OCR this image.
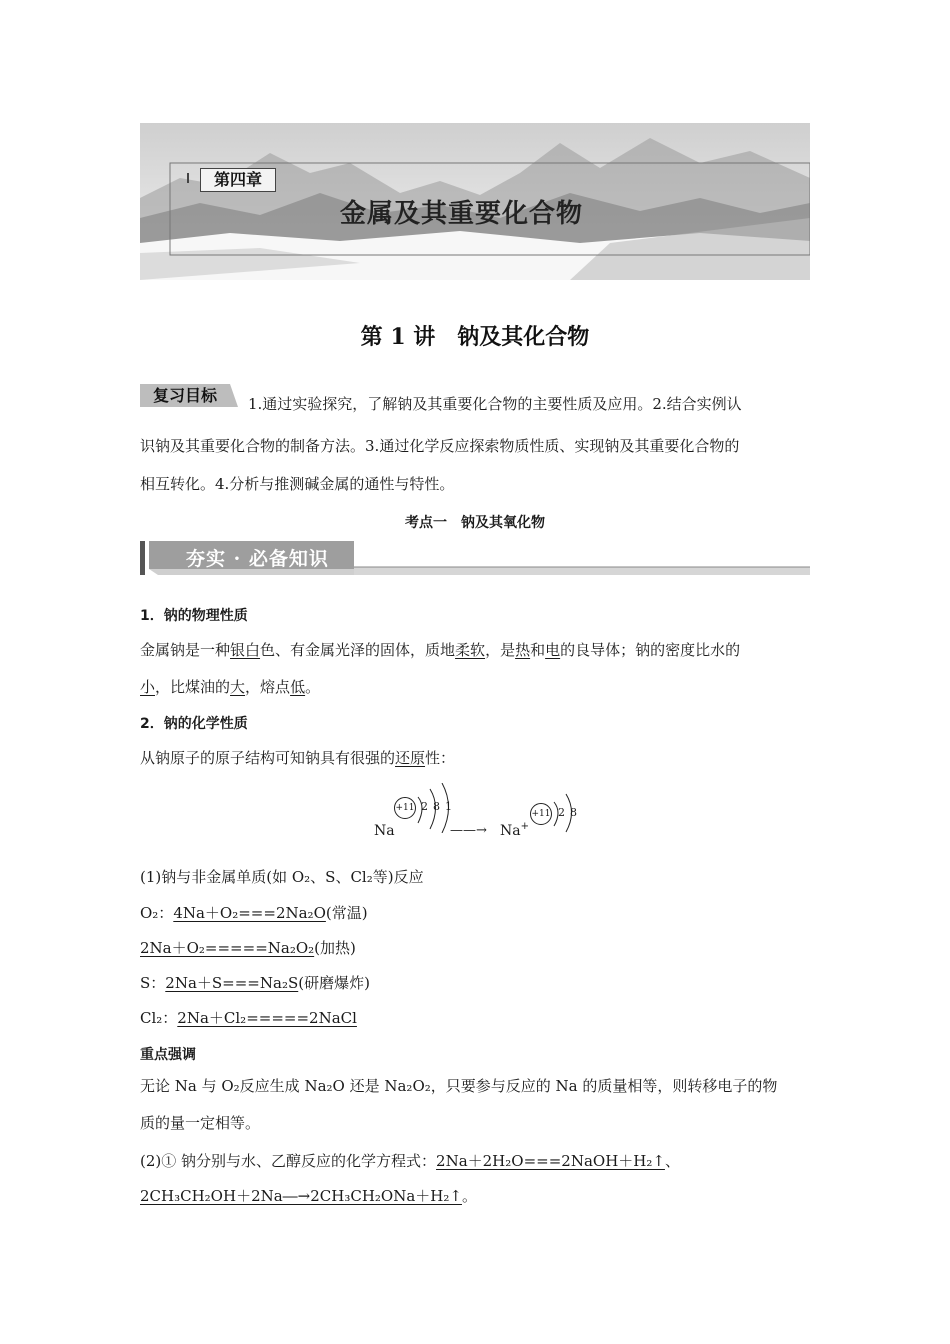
第四章
金属及其重要化合物
第 1 讲　钠及其化合物
复习目标	1.通过实验探究，了解钠及其重要化合物的主要性质及应用。2.结合实例认
识钠及其重要化合物的制备方法。3.通过化学反应探索物质性质、实现钠及其重要化合物的
相互转化。4.分析与推测碱金属的通性与特性。
考点一　钠及其氧化物
夯实 · 必备知识
1．钠的物理性质
金属钠是一种银白色、有金属光泽的固体，质地柔软，是热和电的良导体；钠的密度比水的
小，比煤油的大，熔点低。
2．钠的化学性质
从钠原子的原子结构可知钠具有很强的还原性：
Na
+11 2 8 1
——→ Na+
+11 2 8
(1)钠与非金属单质(如 O₂、S、Cl₂等)反应
O₂：4Na＋O₂===2Na₂O(常温)
2Na＋O₂=====Na₂O₂(加热)
S：2Na＋S===Na₂S(研磨爆炸)
Cl₂：2Na＋Cl₂=====2NaCl
重点强调
无论 Na 与 O₂反应生成 Na₂O 还是 Na₂O₂，只要参与反应的 Na 的质量相等，则转移电子的物
质的量一定相等。
(2)① 钠分别与水、乙醇反应的化学方程式：2Na＋2H₂O===2NaOH＋H₂↑、
2CH₃CH₂OH＋2Na―→2CH₃CH₂ONa＋H₂↑。
